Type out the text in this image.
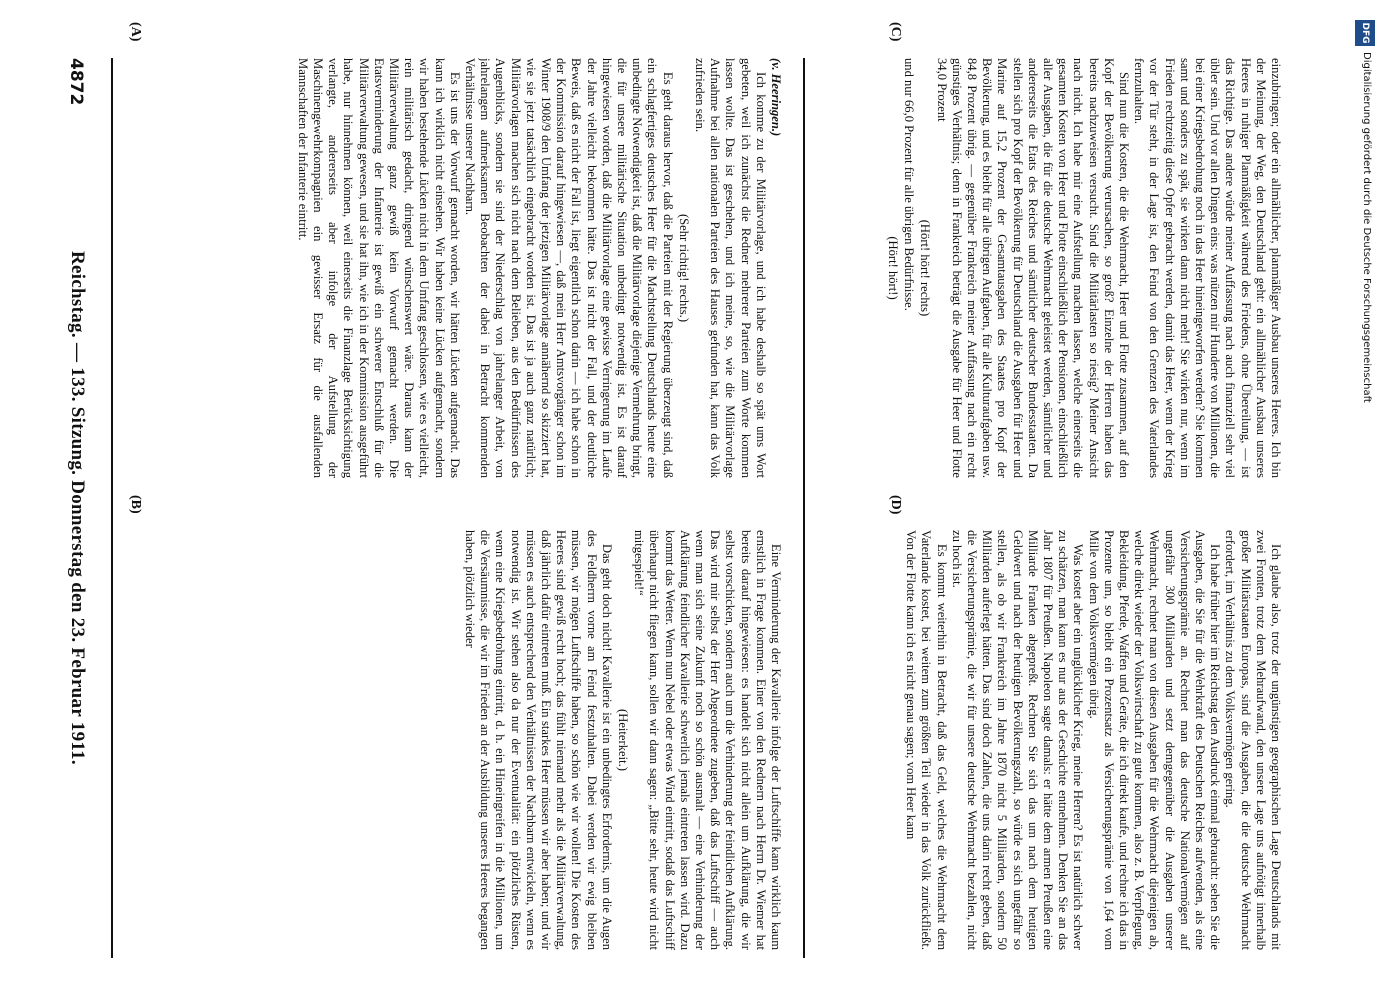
4872
Reichstag. — 133. Sitzung. Donnerstag den 23. Februar 1911.
(A)	(C)
(B)	(D)

(v. Heeringen.)

Ich komme zu der Militärvorlage, und ich habe deshalb so spät ums Wort gebeten, weil ich zunächst die Redner mehrerer Parteien zum Worte kommen lassen wollte. Das ist geschehen, und ich meine, so, wie die Militärvorlage Aufnahme bei allen nationalen Parteien des Hauses gefunden hat, kann das Volk zufrieden sein.

(Sehr richtig! rechts.)

Es geht daraus hervor, daß die Parteien mit der Regierung überzeugt sind, daß ein schlagfertiges deutsches Heer für die Machtstellung Deutschlands heute eine unbedingte Notwendigkeit ist, daß die Militärvorlage diejenige Vermehrung bringt, die für unsere militärische Situation unbedingt notwendig ist. Es ist darauf hingewiesen worden, daß die Militärvorlage eine gewisse Verringerung im Laufe der Jahre vielleicht bekommen hätte. Das ist nicht der Fall, und der deutliche Beweis, daß es nicht der Fall ist, liegt eigentlich schon darin — ich habe schon in der Kommission darauf hingewiesen —, daß mein Herr Amtsvorgänger schon im Winter 1908/9 den Umfang der jetzigen Militärvorlage annähernd so skizziert hat, wie sie jetzt tatsächlich eingebracht worden ist. Das ist ja auch ganz natürlich; Militärvorlagen machen sich nicht nach dem Belieben, aus den Bedürfnissen des Augenblicks, sondern sie sind der Niederschlag von jahrelanger Arbeit, von jahrelangem aufmerksamen Beobachten der dabei in Betracht kommenden Verhältnisse unserer Nachbarn.

Es ist uns der Vorwurf gemacht worden, wir hätten Lücken aufgemacht. Das kann ich wirklich nicht einsehen. Wir haben keine Lücken aufgemacht, sondern wir haben bestehende Lücken nicht in dem Umfang geschlossen, wie es vielleicht, rein militärisch gedacht, dringend wünschenswert wäre. Daraus kann der Militärverwaltung ganz gewiß kein Vorwurf gemacht werden. Die Etatsverminderung der Infanterie ist gewiß ein schwerer Entschluß für die Militärverwaltung gewesen, und sie hat ihn, wie ich in der Kommission ausgeführt habe, nur hinnehmen können, weil einerseits die Finanzlage Berücksichtigung verlangte, andererseits aber infolge der Aufstellung der Maschinengewehrkompagnien ein gewisser Ersatz für die ausfallenden Mannschaften der Infanterie eintritt.

Eine Verminderung der Kavallerie infolge der Luftschiffe kann wirklich kaum ernstlich in Frage kommen. Einer von den Rednern nach Herrn Dr. Wiemer hat bereits darauf hingewiesen: es handelt sich nicht allein um Aufklärung, die wir selbst vorschicken, sondern auch um die Verhinderung der feindlichen Aufklärung. Das wird mir selbst der Herr Abgeordnete zugeben, daß das Luftschiff — auch wenn man sich seine Zukunft noch so schön ausmalt — eine Verhinderung der Aufklärung feindlicher Kavallerie schwerlich jemals eintreten lassen wird. Dazu kommt das Wetter. Wenn nun Nebel oder etwas Wind eintritt, sodaß das Luftschiff überhaupt nicht fliegen kann, sollen wir dann sagen: „Bitte sehr, heute wird nicht mitgespielt!“

(Heiterkeit.)

Das geht doch nicht! Kavallerie ist ein unbedingtes Erfordernis, um die Augen des Feldherrn vorne am Feind festzuhalten. Dabei werden wir ewig bleiben müssen, wir mögen Luftschiffe haben, so schön wie wir wollen! Die Kosten des Heeres sind gewiß recht hoch; das fühlt niemand mehr als die Militärverwaltung, daß jährlich dafür eintreten muß. Ein starkes Heer müssen wir aber haben; und wir müssen es auch entsprechend den Verhältnissen der Nachbarn entwickeln, wenn es notwendig ist. Wir stehen also da nur der Eventualität: ein plötzliches Rüsten, wenn eine Kriegsbedrohung eintritt, d. h. ein Hineingreifen in die Millionen, um die Versäumnisse, die wir im Frieden an der Ausbildung unseres Heeres begangen haben, plötzlich wieder

einzubringen; oder ein allmählicher, planmäßiger Ausbau unseres Heeres. Ich bin der Meinung, der Weg, den Deutschland geht: ein allmählicher Ausbau unseres Heeres in ruhiger Planmäßigkeit während des Friedens, ohne Übereilung, — ist das Richtige. Das andere würde meiner Auffassung nach auch finanziell sehr viel übler sein. Und vor allen Dingen eins: was nützen mir Hunderte von Millionen, die bei einer Kriegsbedrohung noch in das Heer hineingeworfen werden? Sie kommen samt und sonders zu spät, sie wirken dann nicht mehr! Sie wirken nur, wenn im Frieden rechtzeitig diese Opfer gebracht werden, damit das Heer, wenn der Krieg vor der Tür steht, in der Lage ist, den Feind von den Grenzen des Vaterlandes fernzuhalten.

Sind nun die Kosten, die die Wehrmacht, Heer und Flotte zusammen, auf den Kopf der Bevölkerung verursachen, so groß? Einzelne der Herren haben das bereits nachzuweisen versucht. Sind die Militärlasten so riesig? Meiner Ansicht nach nicht. Ich habe mir eine Aufstellung machen lassen, welche einerseits die gesamten Kosten von Heer und Flotte einschließlich der Pensionen, einschließlich aller Ausgaben, die für die deutsche Wehrmacht geleistet werden, sämtlicher und andererseits die Etats des Reiches und sämtlicher deutscher Bundesstaaten. Da stellen sich pro Kopf der Bevölkerung für Deutschland die Ausgaben für Heer und Marine auf 15,2 Prozent der Gesamtausgaben des Staates pro Kopf der Bevölkerung, und es bleibt für alle übrigen Aufgaben, für alle Kulturaufgaben usw. 84,8 Prozent übrig. — gegenüber Frankreich meiner Auffassung nach ein recht günstiges Verhältnis; denn in Frankreich beträgt die Ausgabe für Heer und Flotte 34,0 Prozent

(Hört! hört! rechts)

und nur 66,0 Prozent für alle übrigen Bedürfnisse.

(Hört! hört!)

Ich glaube also, trotz der ungünstigen geographischen Lage Deutschlands mit zwei Fronten, trotz dem Mehraufwand, den unsere Lage uns aufnötigt innerhalb großer Militärstaaten Europas, sind die Ausgaben, die die deutsche Wehrmacht erfordert, im Verhältnis zu dem Volksvermögen gering.

Ich habe früher hier im Reichstag den Ausdruck einmal gebraucht: sehen Sie die Ausgaben, die Sie für die Wehrkraft des Deutschen Reiches aufwenden, als eine Versicherungsprämie an. Rechnet man das deutsche Nationalvermögen auf ungefähr 300 Milliarden und setzt demgegenüber die Ausgaben unserer Wehrmacht, rechnet man von diesen Ausgaben für die Wehrmacht diejenigen ab, welche direkt wieder der Volkswirtschaft zu gute kommen, also z. B. Verpflegung, Bekleidung, Pferde, Waffen und Geräte, die ich direkt kaufe, und rechne ich das in Prozente um, so bleibt ein Prozentsatz als Versicherungsprämie von 1,64 vom Mille von dem Volksvermögen übrig.

Was kostet aber ein unglücklicher Krieg, meine Herren? Es ist natürlich schwer zu schätzen, man kann es nur aus der Geschichte entnehmen. Denken Sie an das Jahr 1807 für Preußen. Napoleon sagte damals: er hätte dem armen Preußen eine Milliarde Franken abgepreßt. Rechnen Sie sich das um nach dem heutigen Geldwert und nach der heutigen Bevölkerungszahl, so würde es sich ungefähr so stellen, als ob wir Frankreich im Jahre 1870 nicht 5 Milliarden, sondern 50 Milliarden auferlegt hätten. Das sind doch Zahlen, die uns darin recht geben, daß die Versicherungsprämie, die wir für unsere deutsche Wehrmacht bezahlen, nicht zu hoch ist.

Es kommt weiterhin in Betracht, daß das Geld, welches die Wehrmacht dem Vaterlande kostet, bei weitem zum größten Teil wieder in das Volk zurückfließt. Von der Flotte kann ich es nicht genau sagen; vom Heer kann

DFG
Digitalisierung gefördert durch die Deutsche Forschungsgemeinschaft
